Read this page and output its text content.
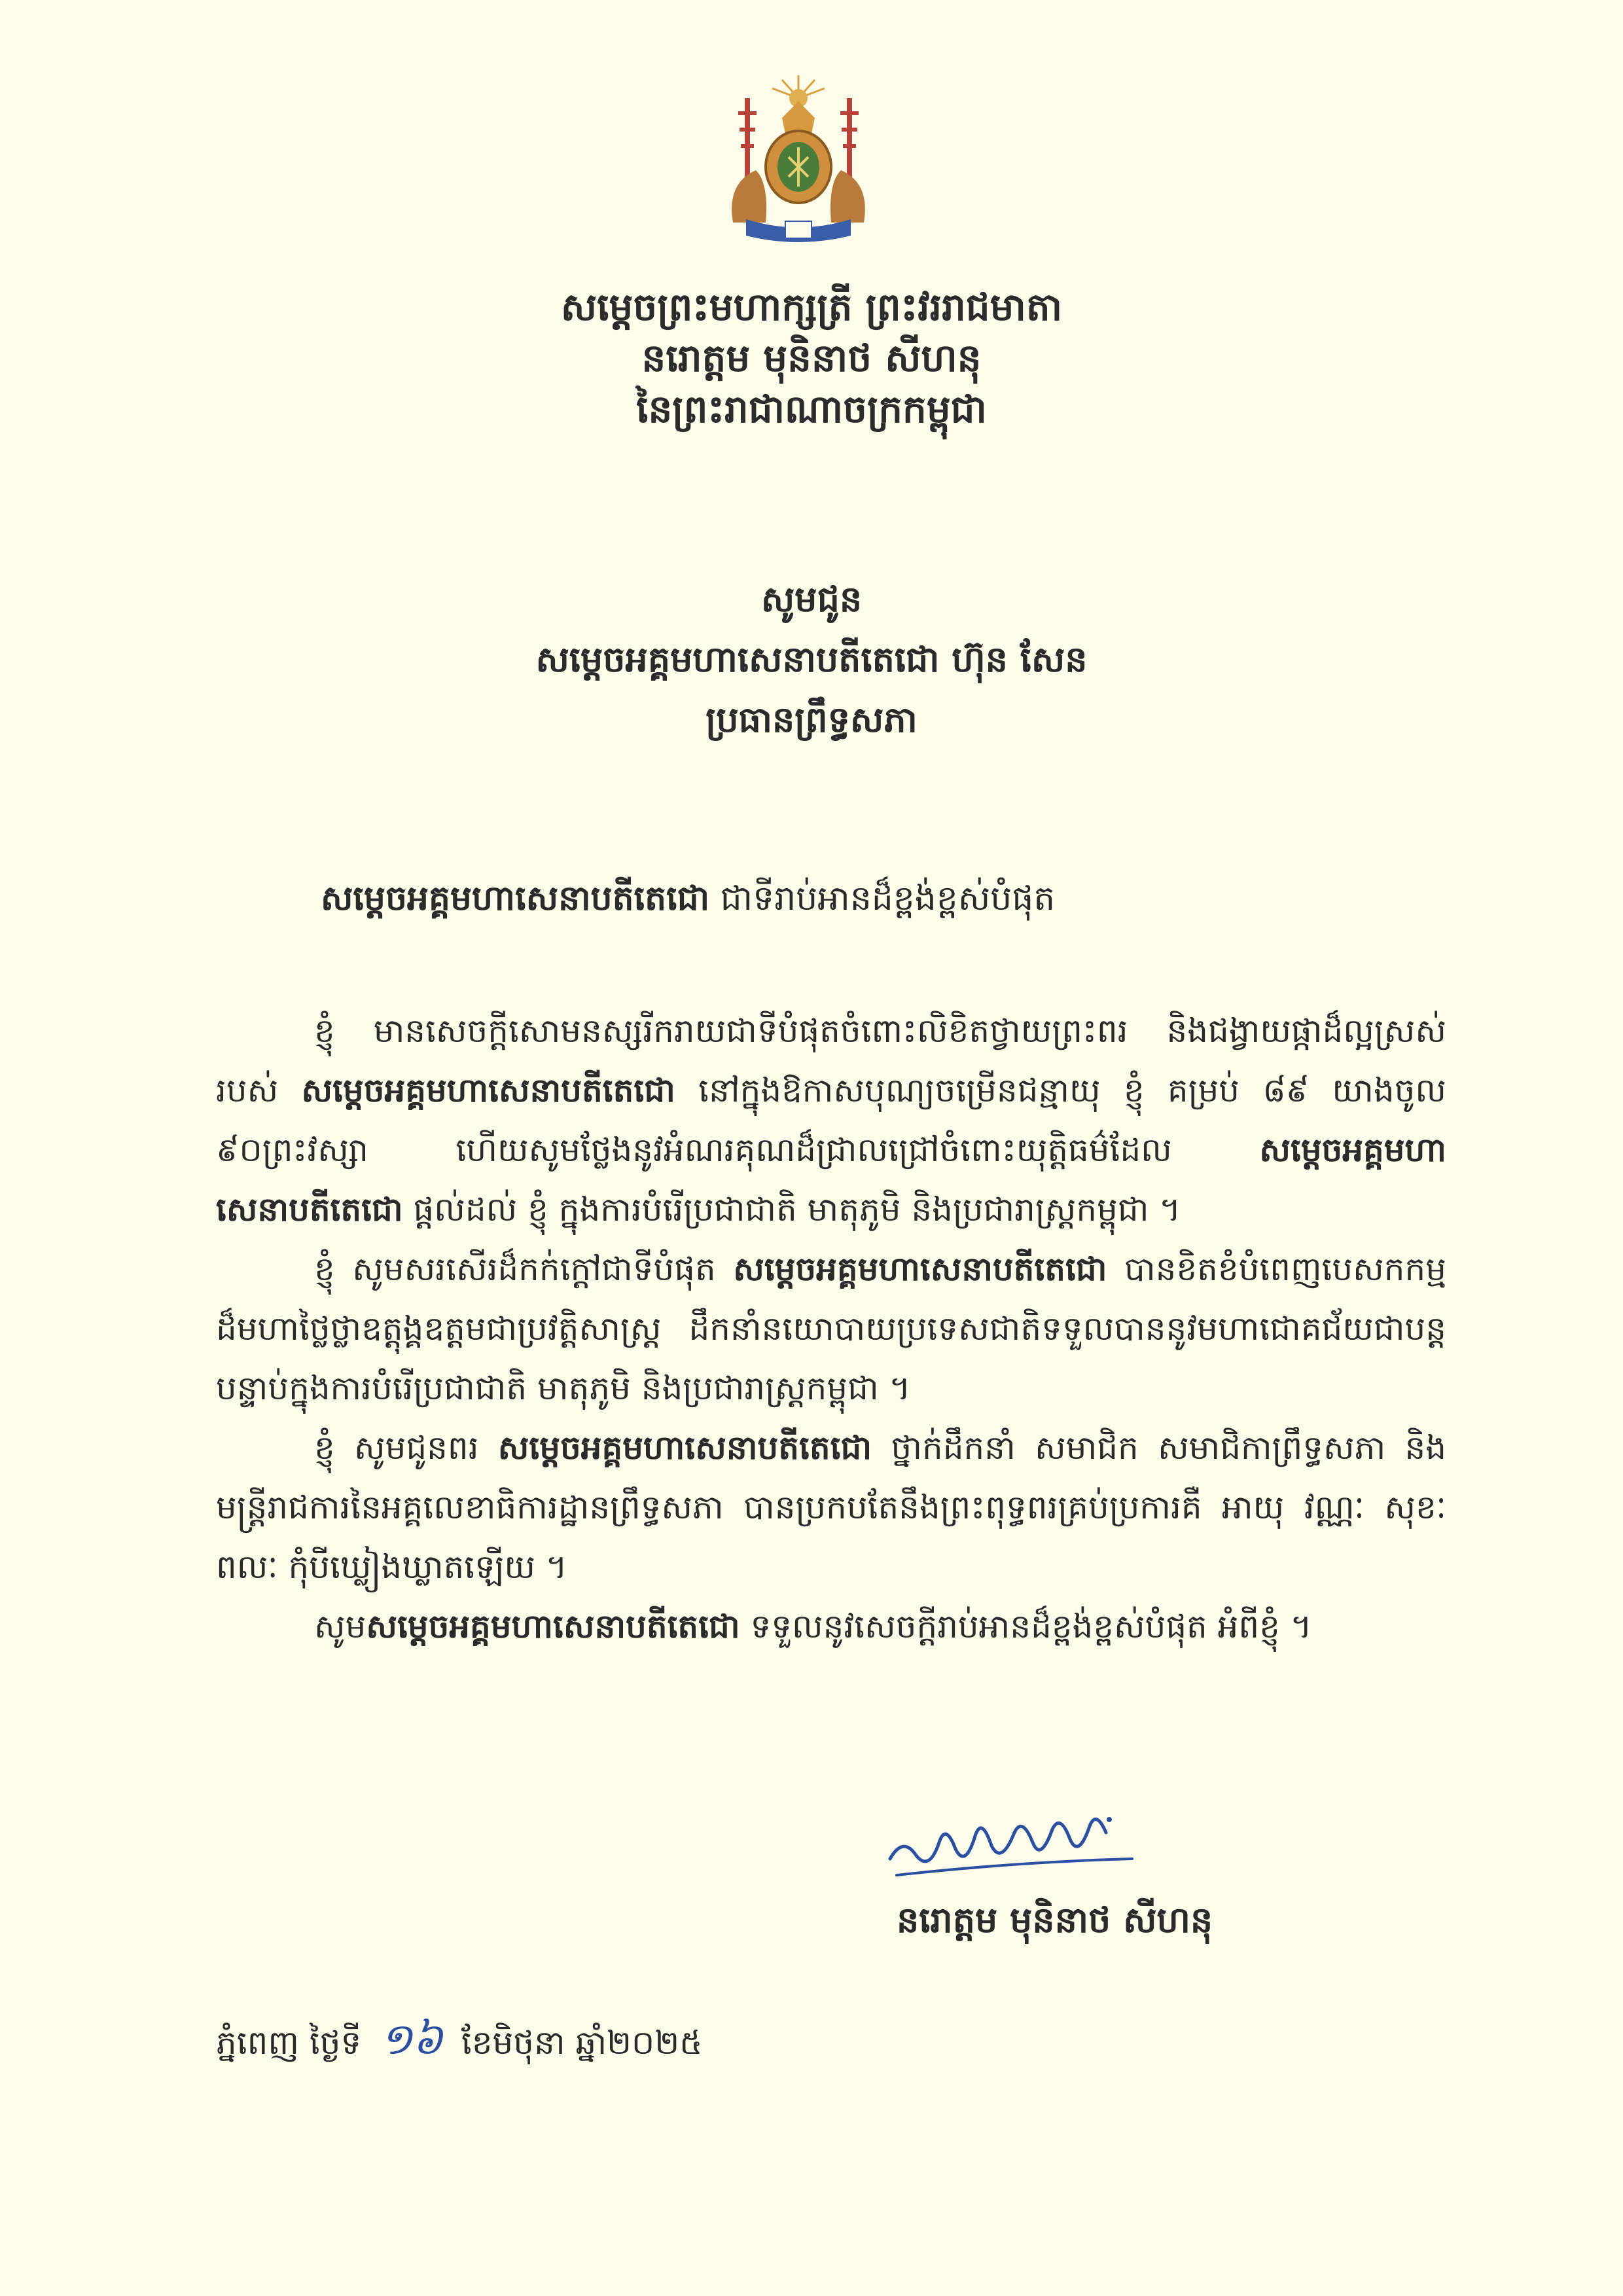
សម្ដេចព្រះមហាក្សត្រី ព្រះវររាជមាតា
នរោត្ដម មុនិនាថ សីហនុ
នៃព្រះរាជាណាចក្រកម្ពុជា
សូមជូន
សម្ដេចអគ្គមហាសេនាបតីតេជោ ហ៊ុន សែន
ប្រធានព្រឹទ្ធសភា
សម្ដេចអគ្គមហាសេនាបតីតេជោ ជាទីរាប់អានដ៏ខ្ពង់ខ្ពស់បំផុត

ខ្ញុំ មានសេចក្ដីសោមនស្សរីករាយជាទីបំផុតចំពោះលិខិតថ្វាយព្រះពរ និងជង្វាយផ្កាដ៏ល្អស្រស់ របស់ សម្ដេចអគ្គមហាសេនាបតីតេជោ នៅក្នុងឱកាសបុណ្យចម្រើនជន្មាយុ ខ្ញុំ គម្រប់ ៨៩ យាងចូល ៩០ព្រះវស្សា ហើយសូមថ្លែងនូវអំណរគុណដ៏ជ្រាលជ្រៅចំពោះយុត្តិធម៌ដែល សម្ដេចអគ្គមហាសេនាបតីតេជោ ផ្ដល់ដល់ ខ្ញុំ ក្នុងការបំរើប្រជាជាតិ មាតុភូមិ និងប្រជារាស្ត្រកម្ពុជា ។

ខ្ញុំ សូមសរសើរដ៏កក់ក្ដៅជាទីបំផុត សម្ដេចអគ្គមហាសេនាបតីតេជោ បានខិតខំបំពេញបេសកកម្ម ដ៏មហាថ្លៃថ្លាឧត្ដុង្គឧត្ដមជាប្រវត្តិសាស្ត្រ ដឹកនាំនយោបាយប្រទេសជាតិទទួលបាននូវមហាជោគជ័យជាបន្តបន្ទាប់ក្នុងការបំរើប្រជាជាតិ មាតុភូមិ និងប្រជារាស្ត្រកម្ពុជា ។

ខ្ញុំ សូមជូនពរ សម្ដេចអគ្គមហាសេនាបតីតេជោ ថ្នាក់ដឹកនាំ សមាជិក សមាជិកាព្រឹទ្ធសភា និង មន្ត្រីរាជការនៃអគ្គលេខាធិការដ្ឋានព្រឹទ្ធសភា បានប្រកបតែនឹងព្រះពុទ្ធពរគ្រប់ប្រការគឺ អាយុ វណ្ណៈ សុខៈ ពលៈ កុំបីឃ្លៀងឃ្លាតឡើយ ។

សូមសម្ដេចអគ្គមហាសេនាបតីតេជោ ទទួលនូវសេចក្ដីរាប់អានដ៏ខ្ពង់ខ្ពស់បំផុត អំពីខ្ញុំ ។

នរោត្ដម មុនិនាថ សីហនុ
ភ្នំពេញ ថ្ងៃទី ១៦ ខែមិថុនា ឆ្នាំ២០២៥
